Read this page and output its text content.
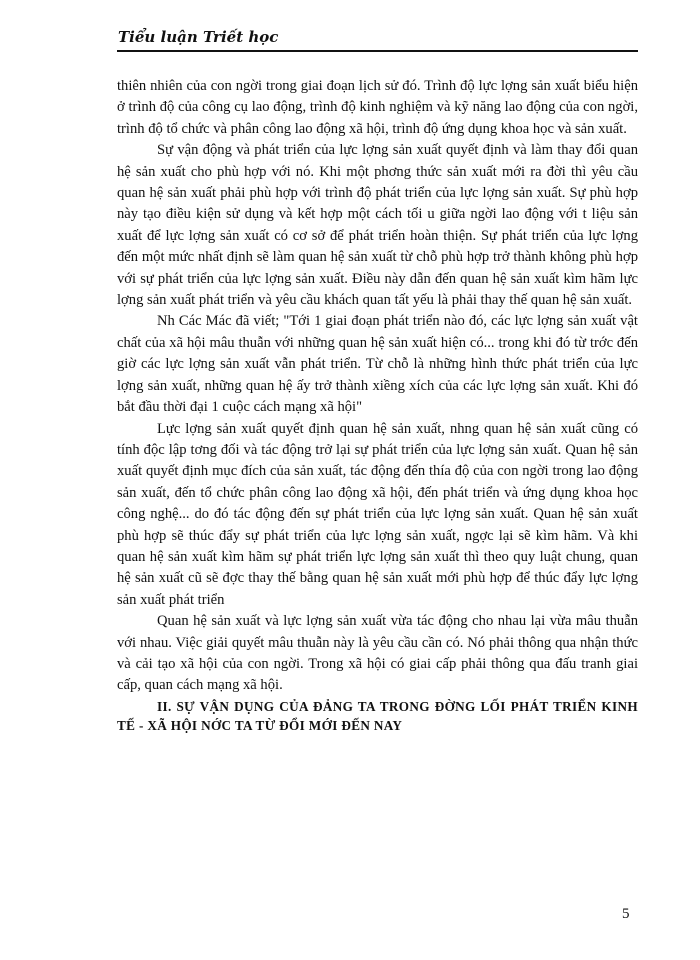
Tiểu luận Triết học

thiên nhiên của con ngời trong giai đoạn lịch sử đó. Trình độ lực lợng sản xuất biểu hiện ở trình độ của công cụ lao động, trình độ kinh nghiệm và kỹ năng lao động của con ngời, trình độ tổ chức và phân công lao động xã hội, trình độ ứng dụng khoa học và sản xuất.

Sự vận động và phát triển của lực lợng sản xuất quyết định và làm thay đổi quan hệ sản xuất cho phù hợp với nó. Khi một phơng thức sản xuất mới ra đời thì yêu cầu quan hệ sản xuất phải phù hợp với trình độ phát triển của lực lợng sản xuất. Sự phù hợp này tạo điều kiện sử dụng và kết hợp một cách tối u giữa ngời lao động với t liệu sản xuất để lực lợng sản xuất có cơ sở để phát triển hoàn thiện. Sự phát triển của lực lợng đến một mức nhất định sẽ làm quan hệ sản xuất từ chỗ phù hợp trở thành không phù hợp với sự phát triển của lực lợng sản xuất. Điều này dẫn đến quan hệ sản xuất kìm hãm lực lợng sản xuất phát triển và yêu cầu khách quan tất yếu là phải thay thế quan hệ sản xuất.

Nh Các Mác đã viết; "Tới 1 giai đoạn phát triển nào đó, các lực lợng sản xuất vật chất của xã hội mâu thuẫn với những quan hệ sản xuất hiện có... trong khi đó từ trớc đến giờ các lực lợng sản xuất vẫn phát triển. Từ chỗ là những hình thức phát triển của lực lợng sản xuất, những quan hệ ấy trở thành xiềng xích của các lực lợng sản xuất. Khi đó bắt đầu thời đại 1 cuộc cách mạng xã hội"

Lực lợng sản xuất quyết định quan hệ sản xuất, nhng quan hệ sản xuất cũng có tính độc lập tơng đối và tác động trở lại sự phát triển của lực lợng sản xuất. Quan hệ sản xuất quyết định mục đích của sản xuất, tác động đến thía độ của con ngời trong lao động sản xuất, đến tổ chức phân công lao động xã hội, đến phát triển và ứng dụng khoa học công nghệ... do đó tác động đến sự phát triển của lực lợng sản xuất. Quan hệ sản xuất phù hợp sẽ thúc đẩy sự phát triển của lực lợng sản xuất, ngợc lại sẽ kìm hãm. Và khi quan hệ sản xuất kìm hãm sự phát triển lực lợng sản xuất thì theo quy luật chung, quan hệ sản xuất cũ sẽ đợc thay thế bằng quan hệ sản xuất mới phù hợp để thúc đẩy lực lợng sản xuất phát triển

Quan hệ sản xuất và lực lợng sản xuất vừa tác động cho nhau lại vừa mâu thuẫn với nhau. Việc giải quyết mâu thuẫn này là yêu cầu cần có. Nó phải thông qua nhận thức và cải tạo xã hội của con ngời. Trong xã hội có giai cấp phải thông qua đấu tranh giai cấp, quan cách mạng xã hội.

II. SỰ VẬN DỤNG CỦA ĐẢNG TA TRONG ĐỜNG LỐI PHÁT TRIỂN KINH TẾ - XÃ HỘI NỚC TA TỪ ĐỔI MỚI ĐẾN NAY

5
